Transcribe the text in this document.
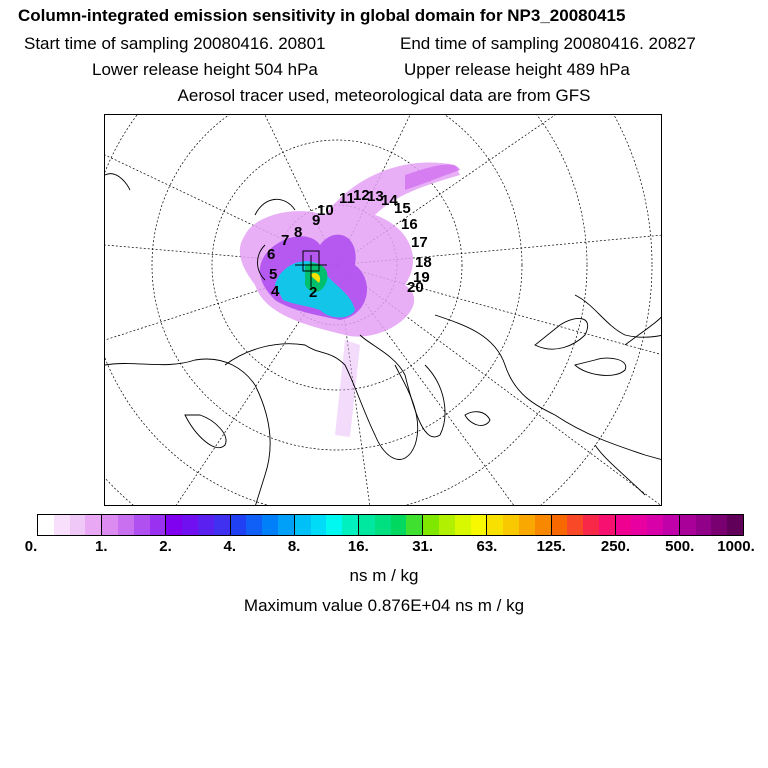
Column-integrated emission sensitivity in global domain for NP3_20080415
Start time of sampling 20080416. 20801	End time of sampling 20080416. 20827
Lower release height 504 hPa	Upper release height 489 hPa
Aerosol tracer used, meteorological data are from GFS
2
4
5
6
7 8
9
10
11
12
13
14
15
16
17
18
19
20
0.	1.	2.	4.	8.	16.	31.	63.	125. 250. 500. 1000.
ns m / kg
Maximum value 0.876E+04 ns m / kg
